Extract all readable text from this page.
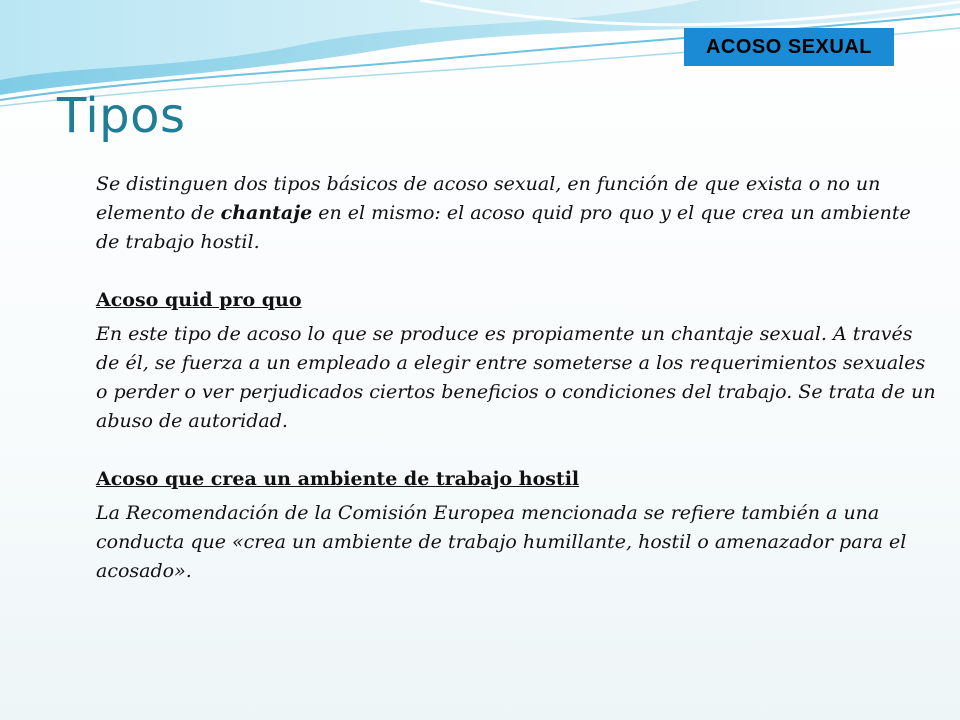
ACOSO SEXUAL
Tipos

Se distinguen dos tipos básicos de acoso sexual, en función de que exista o no un elemento de chantaje en el mismo: el acoso quid pro quo y el que crea un ambiente de trabajo hostil.

Acoso quid pro quo

En este tipo de acoso lo que se produce es propiamente un chantaje sexual. A través de él, se fuerza a un empleado a elegir entre someterse a los requerimientos sexuales o perder o ver perjudicados ciertos beneficios o condiciones del trabajo. Se trata de un abuso de autoridad.

Acoso que crea un ambiente de trabajo hostil

La Recomendación de la Comisión Europea mencionada se refiere también a una conducta que «crea un ambiente de trabajo humillante, hostil o amenazador para el acosado».
